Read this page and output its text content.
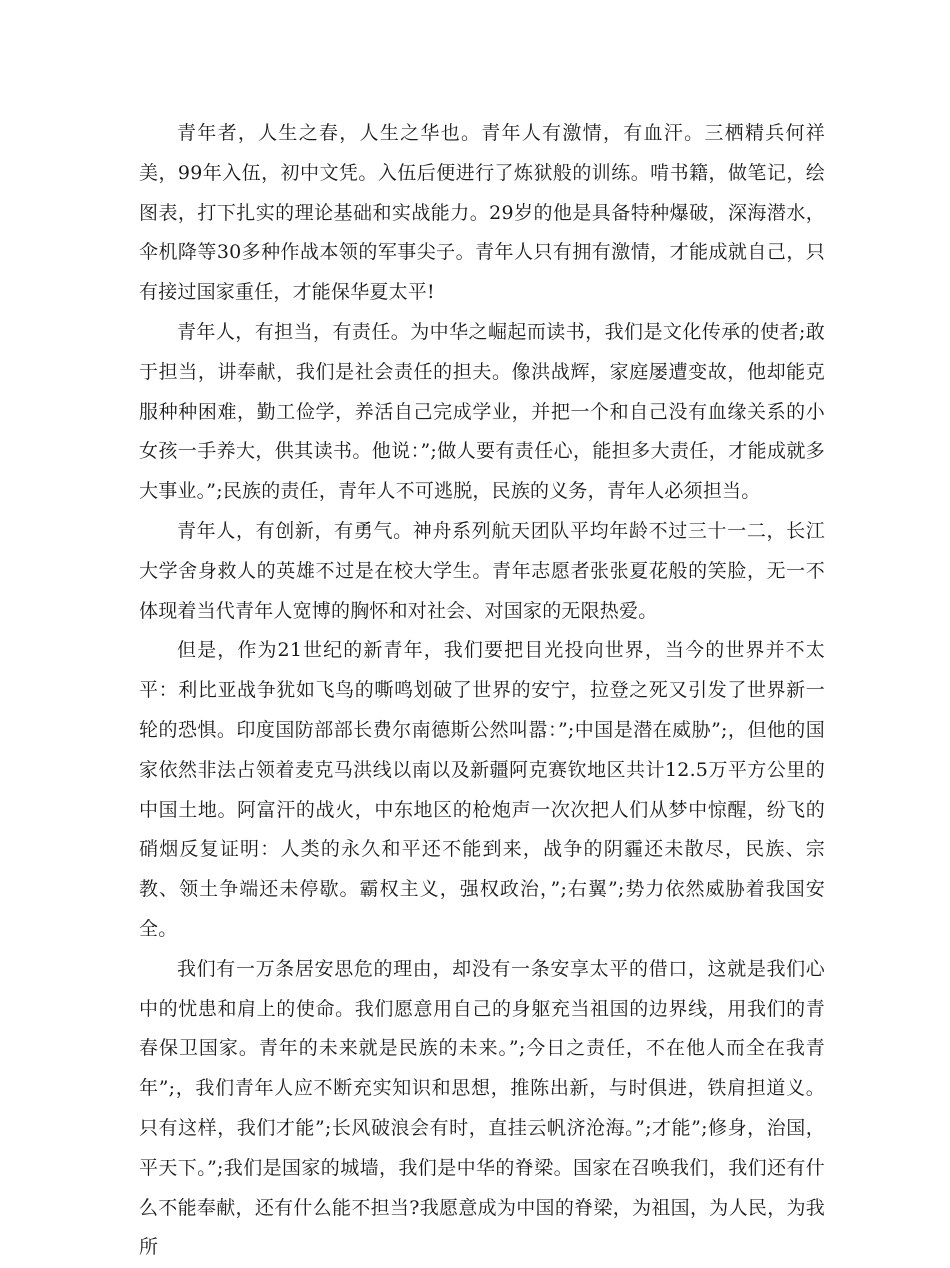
青年者，人生之春，人生之华也。青年人有激情，有血汗。三栖精兵何祥美，99年入伍，初中文凭。入伍后便进行了炼狱般的训练。啃书籍，做笔记，绘图表，打下扎实的理论基础和实战能力。29岁的他是具备特种爆破，深海潜水，伞机降等30多种作战本领的军事尖子。青年人只有拥有激情，才能成就自己，只有接过国家重任，才能保华夏太平!

青年人，有担当，有责任。为中华之崛起而读书，我们是文化传承的使者;敢于担当，讲奉献，我们是社会责任的担夫。像洪战辉，家庭屡遭变故，他却能克服种种困难，勤工俭学，养活自己完成学业，并把一个和自己没有血缘关系的小女孩一手养大，供其读书。他说：”;做人要有责任心，能担多大责任，才能成就多大事业。”;民族的责任，青年人不可逃脱，民族的义务，青年人必须担当。

青年人，有创新，有勇气。神舟系列航天团队平均年龄不过三十一二，长江大学舍身救人的英雄不过是在校大学生。青年志愿者张张夏花般的笑脸，无一不体现着当代青年人宽博的胸怀和对社会、对国家的无限热爱。

但是，作为21世纪的新青年，我们要把目光投向世界，当今的世界并不太平：利比亚战争犹如飞鸟的嘶鸣划破了世界的安宁，拉登之死又引发了世界新一轮的恐惧。印度国防部部长费尔南德斯公然叫嚣：”;中国是潜在威胁”;，但他的国家依然非法占领着麦克马洪线以南以及新疆阿克赛钦地区共计12.5万平方公里的中国土地。阿富汗的战火，中东地区的枪炮声一次次把人们从梦中惊醒，纷飞的硝烟反复证明：人类的永久和平还不能到来，战争的阴霾还未散尽，民族、宗教、领土争端还未停歇。霸权主义，强权政治，”;右翼”;势力依然威胁着我国安全。

我们有一万条居安思危的理由，却没有一条安享太平的借口，这就是我们心中的忧患和肩上的使命。我们愿意用自己的身躯充当祖国的边界线，用我们的青春保卫国家。青年的未来就是民族的未来。”;今日之责任，不在他人而全在我青年”;，我们青年人应不断充实知识和思想，推陈出新，与时俱进，铁肩担道义。只有这样，我们才能”;长风破浪会有时，直挂云帆济沧海。”;才能”;修身，治国，平天下。”;我们是国家的城墙，我们是中华的脊梁。国家在召唤我们，我们还有什么不能奉献，还有什么能不担当?我愿意成为中国的脊梁，为祖国，为人民，为我所
